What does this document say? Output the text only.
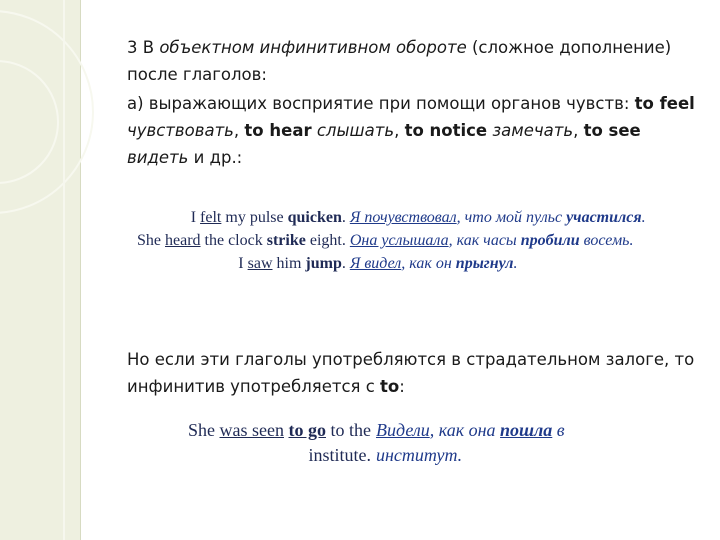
3 В объектном инфинитивном обороте (сложное дополнение) после глаголов:
а) выражающих восприятие при помощи органов чувств: to feel чувствовать, to hear слышать, to notice замечать, to see видеть и др.:
I felt my pulse quicken.	Я почувствовал, что мой пульс участился.
She heard the clock strike eight.	Она услышала, как часы пробили восемь.
I saw him jump.	Я видел, как он прыгнул.
Но если эти глаголы употребляются в страдательном залоге, то инфинитив употребляется с to:
She was seen to go to the institute.	Видели, как она пошла в институт.
